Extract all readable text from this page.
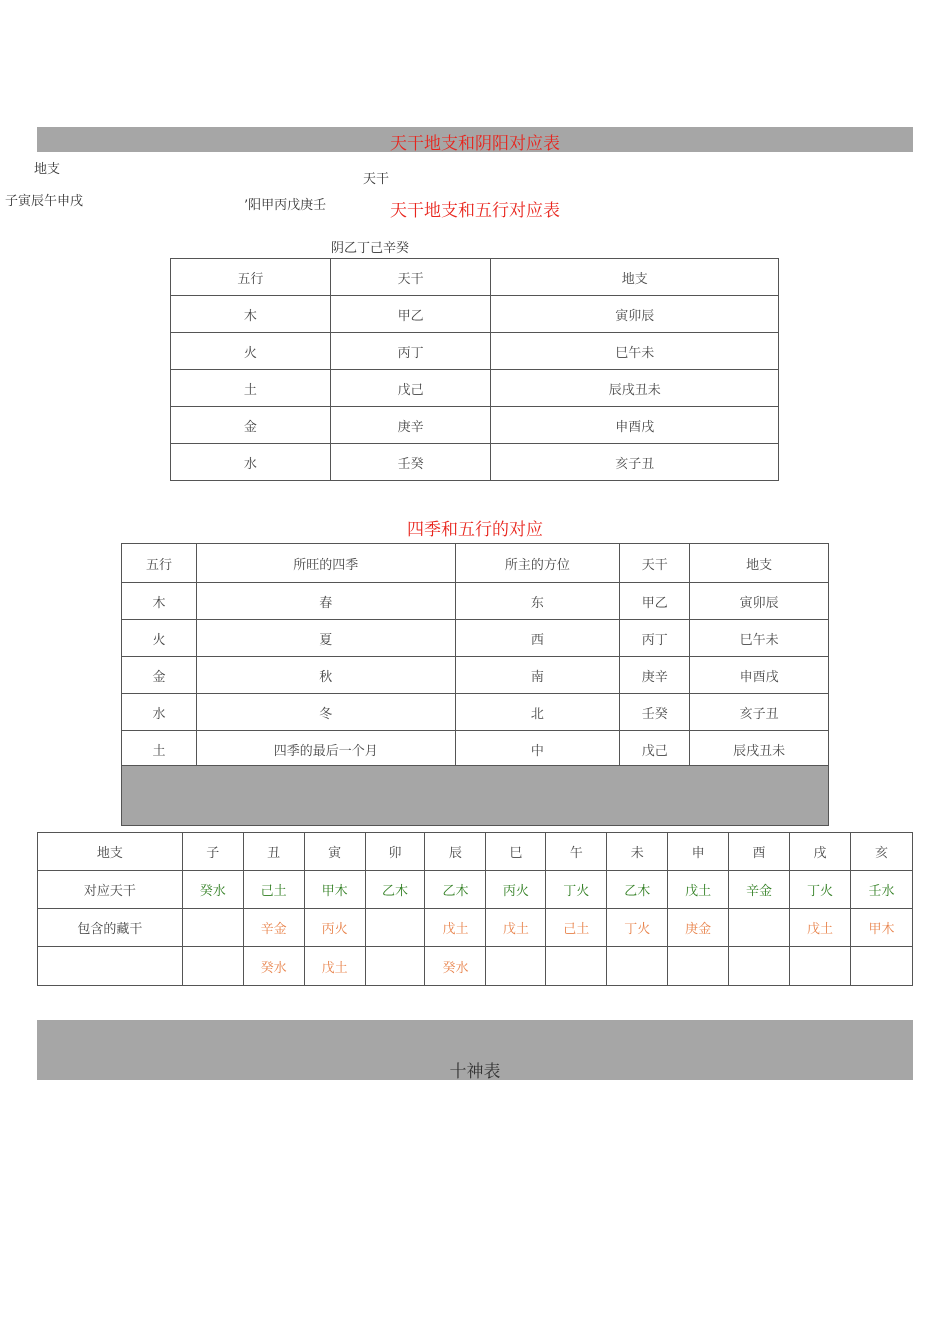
天干地支和阴阳对应表
地支
天干
子寅辰午申戌	’阳甲丙戊庚壬
阴乙丁己辛癸
天干地支和五行对应表
五行	天干	地支
木	甲乙	寅卯辰
火	丙丁	巳午未
土	戊己	辰戌丑未
金	庚辛	申酉戌
水	壬癸	亥子丑
四季和五行的对应
五行	所旺的四季	所主的方位	天干	地支
木	春	东	甲乙	寅卯辰
火	夏	西	丙丁	巳午未
金	秋	南	庚辛	申酉戌
水	冬	北	壬癸	亥子丑
土	四季的最后一个月	中	戊己	辰戌丑未
地支	子	丑	寅	卯	辰	巳	午	未	申	酉	戌	亥
对应天干	癸水	己土	甲木	乙木	乙木	丙火	丁火	乙木	戊土	辛金	丁火	壬水
包含的藏干		辛金	丙火		戊土	戊土	己土	丁火	庚金		戊土	甲木
		癸水	戊土		癸水							
十神表
